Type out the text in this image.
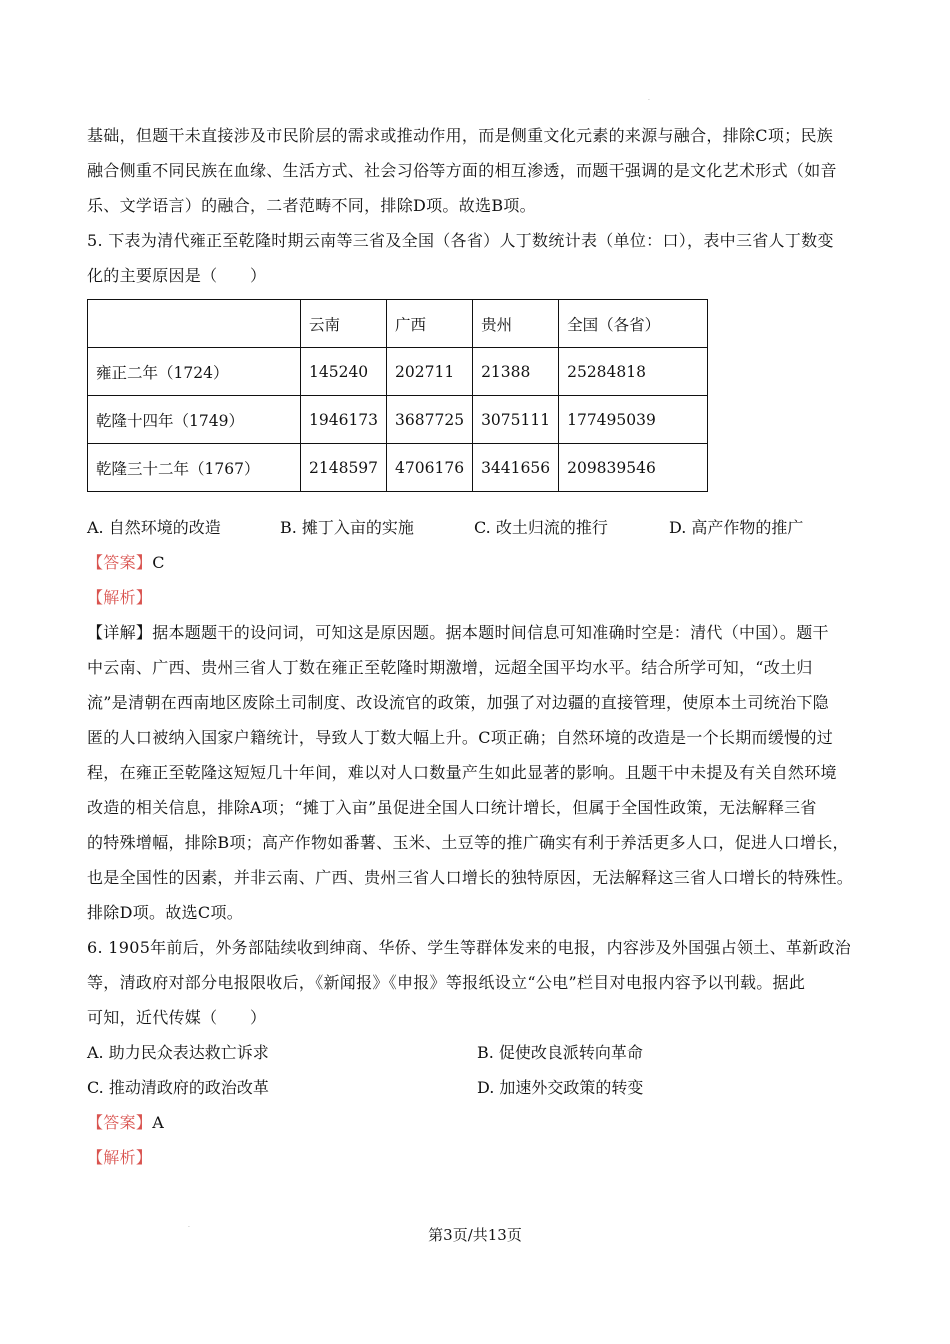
基础，但题干未直接涉及市民阶层的需求或推动作用，而是侧重文化元素的来源与融合，排除C项；民族
融合侧重不同民族在血缘、生活方式、社会习俗等方面的相互渗透，而题干强调的是文化艺术形式（如音
乐、文学语言）的融合，二者范畴不同，排除D项。故选B项。
5. 下表为清代雍正至乾隆时期云南等三省及全国（各省）人丁数统计表（单位：口），表中三省人丁数变
化的主要原因是（　　）
	云南	广西	贵州	全国（各省）
雍正二年（1724）	145240	202711	21388	25284818
乾隆十四年（1749）	1946173	3687725	3075111	177495039
乾隆三十二年（1767）	2148597	4706176	3441656	209839546
A. 自然环境的改造	B. 摊丁入亩的实施	C. 改土归流的推行	D. 高产作物的推广
【答案】C
【解析】
【详解】据本题题干的设问词，可知这是原因题。据本题时间信息可知准确时空是：清代（中国）。题干
中云南、广西、贵州三省人丁数在雍正至乾隆时期激增，远超全国平均水平。结合所学可知，“改土归
流”是清朝在西南地区废除土司制度、改设流官的政策，加强了对边疆的直接管理，使原本土司统治下隐
匿的人口被纳入国家户籍统计，导致人丁数大幅上升。C项正确；自然环境的改造是一个长期而缓慢的过
程，在雍正至乾隆这短短几十年间，难以对人口数量产生如此显著的影响。且题干中未提及有关自然环境
改造的相关信息，排除A项；“摊丁入亩”虽促进全国人口统计增长，但属于全国性政策，无法解释三省
的特殊增幅，排除B项；高产作物如番薯、玉米、土豆等的推广确实有利于养活更多人口，促进人口增长，
也是全国性的因素，并非云南、广西、贵州三省人口增长的独特原因，无法解释这三省人口增长的特殊性。
排除D项。故选C项。
6. 1905年前后，外务部陆续收到绅商、华侨、学生等群体发来的电报，内容涉及外国强占领土、革新政治
等，清政府对部分电报限收后，《新闻报》《申报》等报纸设立“公电”栏目对电报内容予以刊载。据此
可知，近代传媒（　　）
A. 助力民众表达救亡诉求	B. 促使改良派转向革命
C. 推动清政府的政治改革	D. 加速外交政策的转变
【答案】A
【解析】
第3页/共13页
.
.
